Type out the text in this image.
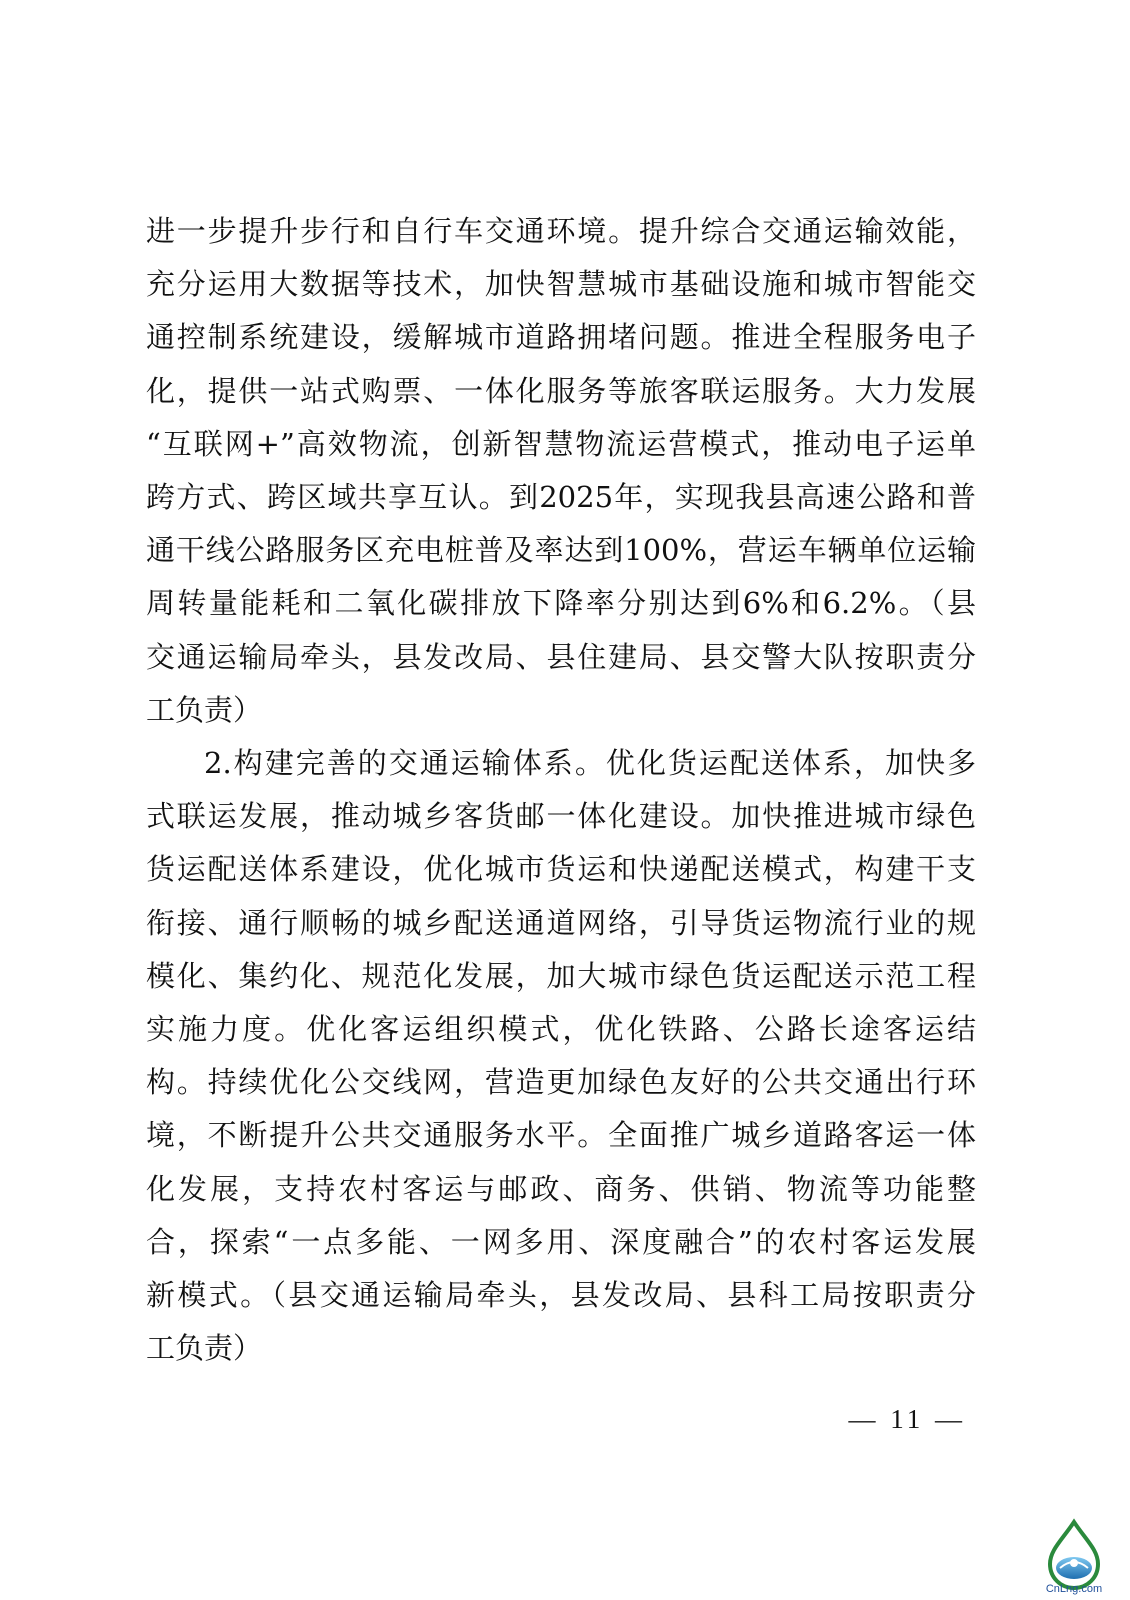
进一步提升步行和自行车交通环境。提升综合交通运输效能，
充分运用大数据等技术，加快智慧城市基础设施和城市智能交
通控制系统建设，缓解城市道路拥堵问题。推进全程服务电子
化，提供一站式购票、一体化服务等旅客联运服务。大力发展
“互联网+”高效物流，创新智慧物流运营模式，推动电子运单
跨方式、跨区域共享互认。到2025年，实现我县高速公路和普
通干线公路服务区充电桩普及率达到100%，营运车辆单位运输
周转量能耗和二氧化碳排放下降率分别达到6%和6.2%。（县
交通运输局牵头，县发改局、县住建局、县交警大队按职责分
工负责）
2.构建完善的交通运输体系。优化货运配送体系，加快多
式联运发展，推动城乡客货邮一体化建设。加快推进城市绿色
货运配送体系建设，优化城市货运和快递配送模式，构建干支
衔接、通行顺畅的城乡配送通道网络，引导货运物流行业的规
模化、集约化、规范化发展，加大城市绿色货运配送示范工程
实施力度。优化客运组织模式，优化铁路、公路长途客运结
构。持续优化公交线网，营造更加绿色友好的公共交通出行环
境，不断提升公共交通服务水平。全面推广城乡道路客运一体
化发展，支持农村客运与邮政、商务、供销、物流等功能整
合，探索“一点多能、一网多用、深度融合”的农村客运发展
新模式。（县交通运输局牵头，县发改局、县科工局按职责分
工负责）
— 11 —
CnLng.com
